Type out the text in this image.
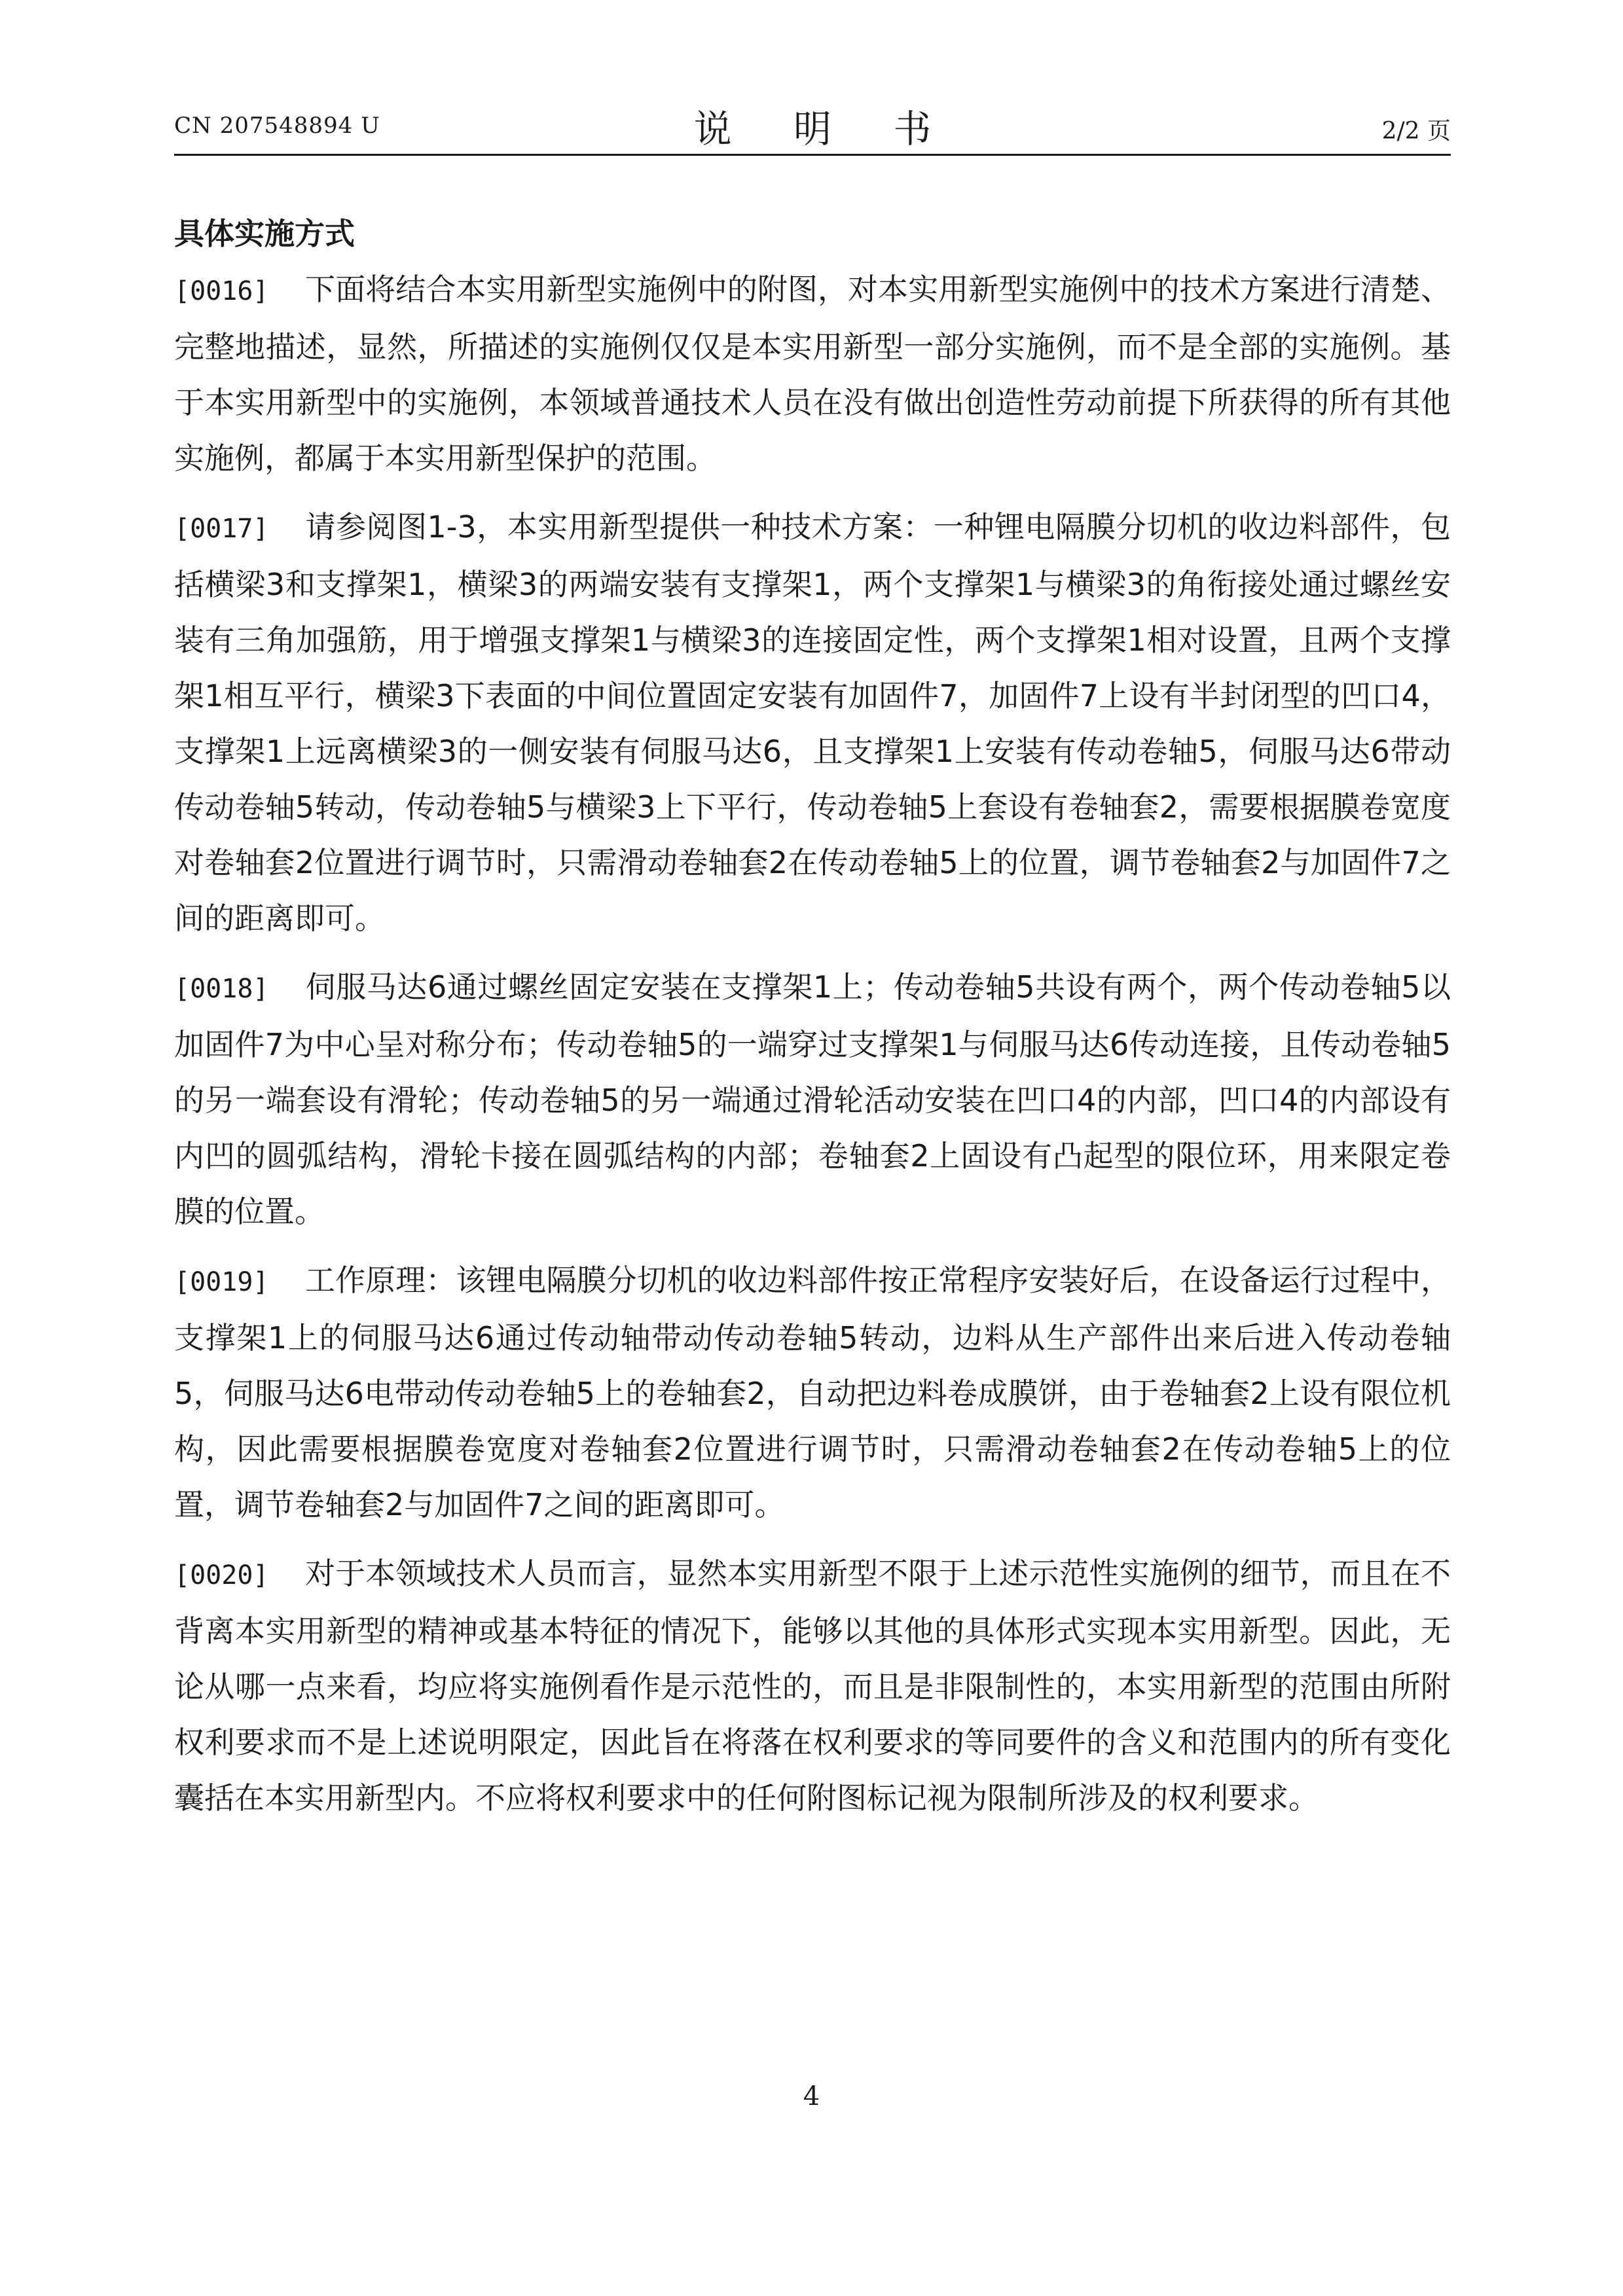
CN 207548894 U	说 明 书	2/2 页
具体实施方式

[0016] 下面将结合本实用新型实施例中的附图，对本实用新型实施例中的技术方案进行清楚、完整地描述，显然，所描述的实施例仅仅是本实用新型一部分实施例，而不是全部的实施例。基于本实用新型中的实施例，本领域普通技术人员在没有做出创造性劳动前提下所获得的所有其他实施例，都属于本实用新型保护的范围。

[0017] 请参阅图1-3，本实用新型提供一种技术方案：一种锂电隔膜分切机的收边料部件，包括横梁3和支撑架1，横梁3的两端安装有支撑架1，两个支撑架1与横梁3的角衔接处通过螺丝安装有三角加强筋，用于增强支撑架1与横梁3的连接固定性，两个支撑架1相对设置，且两个支撑架1相互平行，横梁3下表面的中间位置固定安装有加固件7，加固件7上设有半封闭型的凹口4，支撑架1上远离横梁3的一侧安装有伺服马达6，且支撑架1上安装有传动卷轴5，伺服马达6带动传动卷轴5转动，传动卷轴5与横梁3上下平行，传动卷轴5上套设有卷轴套2，需要根据膜卷宽度对卷轴套2位置进行调节时，只需滑动卷轴套2在传动卷轴5上的位置，调节卷轴套2与加固件7之间的距离即可。

[0018] 伺服马达6通过螺丝固定安装在支撑架1上；传动卷轴5共设有两个，两个传动卷轴5以加固件7为中心呈对称分布；传动卷轴5的一端穿过支撑架1与伺服马达6传动连接，且传动卷轴5的另一端套设有滑轮；传动卷轴5的另一端通过滑轮活动安装在凹口4的内部，凹口4的内部设有内凹的圆弧结构，滑轮卡接在圆弧结构的内部；卷轴套2上固设有凸起型的限位环，用来限定卷膜的位置。

[0019] 工作原理：该锂电隔膜分切机的收边料部件按正常程序安装好后，在设备运行过程中，支撑架1上的伺服马达6通过传动轴带动传动卷轴5转动，边料从生产部件出来后进入传动卷轴5，伺服马达6电带动传动卷轴5上的卷轴套2，自动把边料卷成膜饼，由于卷轴套2上设有限位机构，因此需要根据膜卷宽度对卷轴套2位置进行调节时，只需滑动卷轴套2在传动卷轴5上的位置，调节卷轴套2与加固件7之间的距离即可。

[0020] 对于本领域技术人员而言，显然本实用新型不限于上述示范性实施例的细节，而且在不背离本实用新型的精神或基本特征的情况下，能够以其他的具体形式实现本实用新型。因此，无论从哪一点来看，均应将实施例看作是示范性的，而且是非限制性的，本实用新型的范围由所附权利要求而不是上述说明限定，因此旨在将落在权利要求的等同要件的含义和范围内的所有变化囊括在本实用新型内。不应将权利要求中的任何附图标记视为限制所涉及的权利要求。

4
